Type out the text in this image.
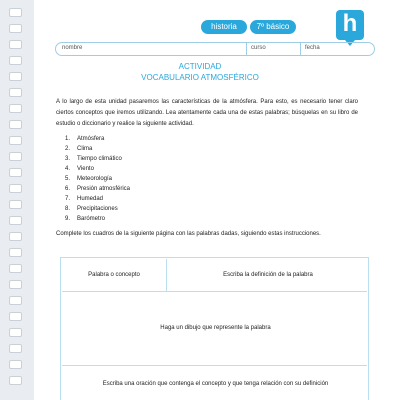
historia	7º básico h
nombre	curso	fecha
ACTIVIDAD
VOCABULARIO ATMOSFÉRICO
A lo largo de esta unidad pasaremos las características de la atmósfera. Para esto, es necesario tener claro ciertos conceptos que iremos utilizando. Lea atentamente cada una de estas palabras; búsquelas en su libro de estudio o diccionario y realice la siguiente actividad.
1. Atmósfera
2. Clima
3. Tiempo climático
4. Viento
5. Meteorología
6. Presión atmosférica
7. Humedad
8. Precipitaciones
9. Barómetro
Complete los cuadros de la siguiente página con las palabras dadas, siguiendo estas instrucciones.
Palabra o concepto	Escriba la definición de la palabra
Haga un dibujo que represente la palabra
Escriba una oración que contenga el concepto y que tenga relación con su definición
